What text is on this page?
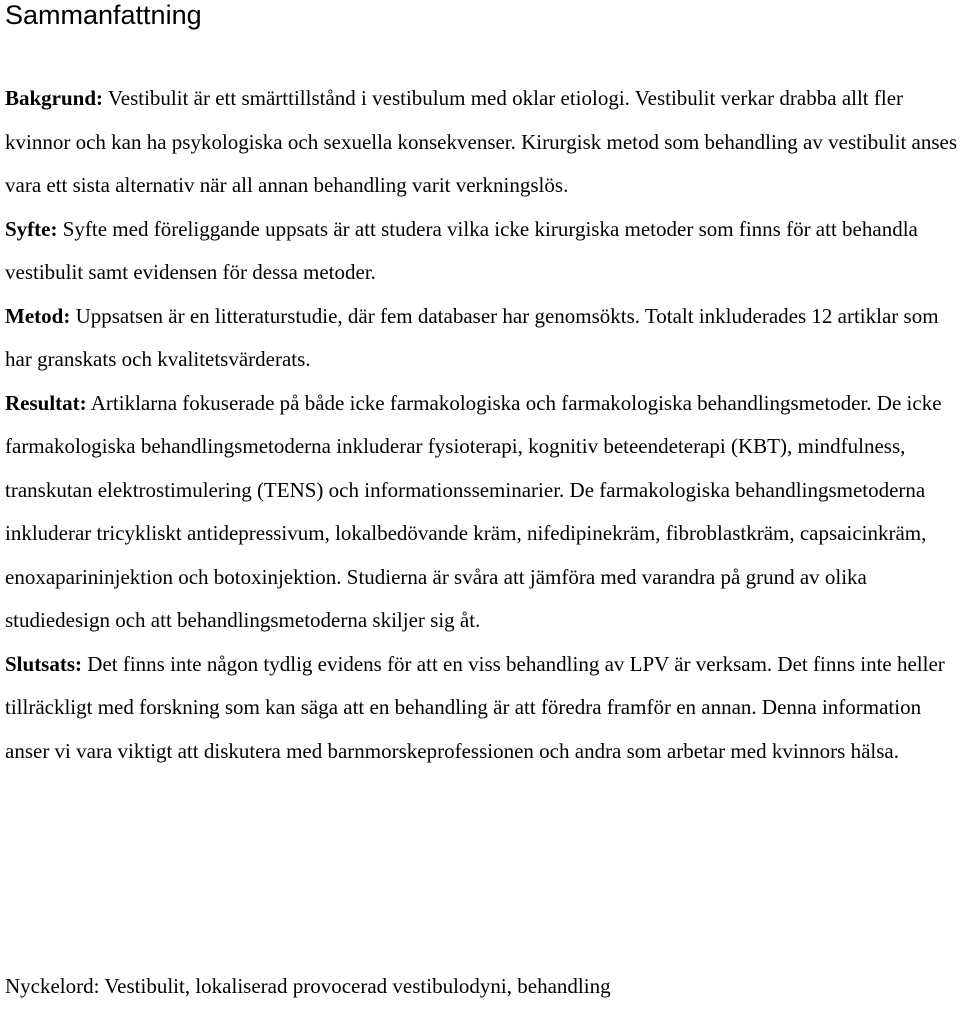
Sammanfattning

Bakgrund: Vestibulit är ett smärttillstånd i vestibulum med oklar etiologi. Vestibulit verkar drabba allt fler kvinnor och kan ha psykologiska och sexuella konsekvenser. Kirurgisk metod som behandling av vestibulit anses vara ett sista alternativ när all annan behandling varit verkningslös.

Syfte: Syfte med föreliggande uppsats är att studera vilka icke kirurgiska metoder som finns för att behandla vestibulit samt evidensen för dessa metoder.

Metod: Uppsatsen är en litteraturstudie, där fem databaser har genomsökts. Totalt inkluderades 12 artiklar som har granskats och kvalitetsvärderats.

Resultat: Artiklarna fokuserade på både icke farmakologiska och farmakologiska behandlingsmetoder. De icke farmakologiska behandlingsmetoderna inkluderar fysioterapi, kognitiv beteendeterapi (KBT), mindfulness, transkutan elektrostimulering (TENS) och informationsseminarier. De farmakologiska behandlingsmetoderna inkluderar tricykliskt antidepressivum, lokalbedövande kräm, nifedipinekräm, fibroblastkräm, capsaicinkräm, enoxaparininjektion och botoxinjektion. Studierna är svåra att jämföra med varandra på grund av olika studiedesign och att behandlingsmetoderna skiljer sig åt.

Slutsats: Det finns inte någon tydlig evidens för att en viss behandling av LPV är verksam. Det finns inte heller tillräckligt med forskning som kan säga att en behandling är att föredra framför en annan. Denna information anser vi vara viktigt att diskutera med barnmorskeprofessionen och andra som arbetar med kvinnors hälsa.

Nyckelord: Vestibulit, lokaliserad provocerad vestibulodyni, behandling
